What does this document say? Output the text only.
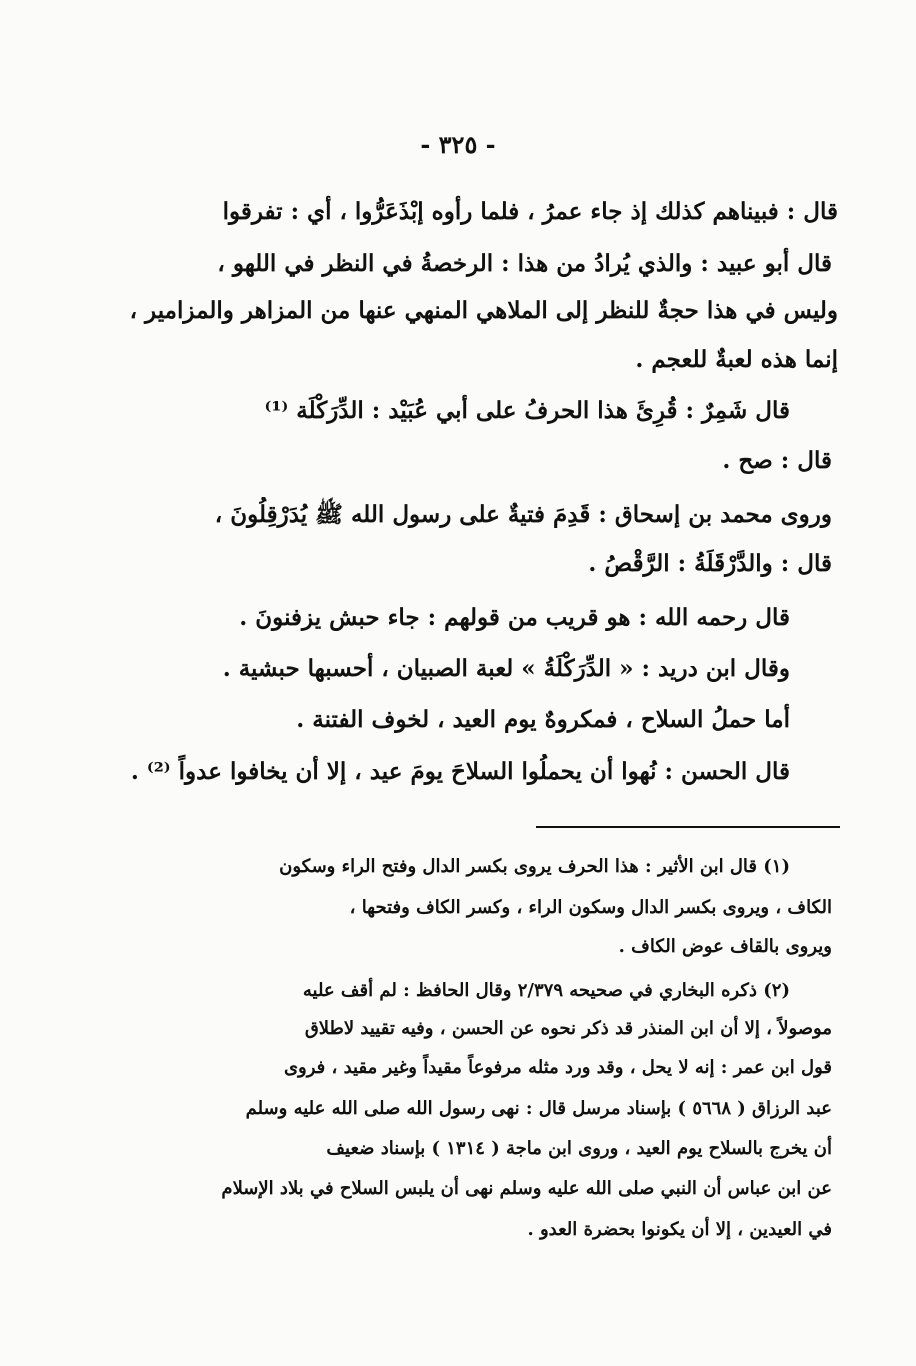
- ٣٢٥ -
قال : فبيناهم كذلك إذ جاء عمرُ ، فلما رأوه إبْذَعَرُّوا ، أي : تفرقوا
قال أبو عبيد : والذي يُرادُ من هذا : الرخصةُ في النظر في اللهو ،
وليس في هذا حجةٌ للنظر إلى الملاهي المنهي عنها من المزاهر والمزامير ،
إنما هذه لعبةٌ للعجم .
قال شَمِرٌ : قُرِئَ هذا الحرفُ على أبي عُبَيْد : الدِّرَكْلَة ⁽¹⁾
قال : صح .
وروى محمد بن إسحاق : قَدِمَ فتيةٌ على رسول الله ﷺ يُدَرْقِلُونَ ،
قال : والدَّرْقَلَةُ : الرَّقْصُ .
قال رحمه الله : هو قريب من قولهم : جاء حبش يزفنونَ .
وقال ابن دريد : « الدِّرَكْلَةُ » لعبة الصبيان ، أحسبها حبشية .
أما حملُ السلاح ، فمكروهٌ يوم العيد ، لخوف الفتنة .
قال الحسن : نُهوا أن يحملُوا السلاحَ يومَ عيد ، إلا أن يخافوا عدواً ⁽²⁾ .
(١) قال ابن الأثير : هذا الحرف يروى بكسر الدال وفتح الراء وسكون
الكاف ، ويروى بكسر الدال وسكون الراء ، وكسر الكاف وفتحها ،
ويروى بالقاف عوض الكاف .
(٢) ذكره البخاري في صحيحه ٢/٣٧٩ وقال الحافظ : لم أقف عليه
موصولاً ، إلا أن ابن المنذر قد ذكر نحوه عن الحسن ، وفيه تقييد لاطلاق
قول ابن عمر : إنه لا يحل ، وقد ورد مثله مرفوعاً مقيداً وغير مقيد ، فروى
عبد الرزاق ( ٥٦٦٨ ) بإسناد مرسل قال : نهى رسول الله صلى الله عليه وسلم
أن يخرج بالسلاح يوم العيد ، وروى ابن ماجة ( ١٣١٤ ) بإسناد ضعيف
عن ابن عباس أن النبي صلى الله عليه وسلم نهى أن يلبس السلاح في بلاد الإسلام
في العيدين ، إلا أن يكونوا بحضرة العدو .
